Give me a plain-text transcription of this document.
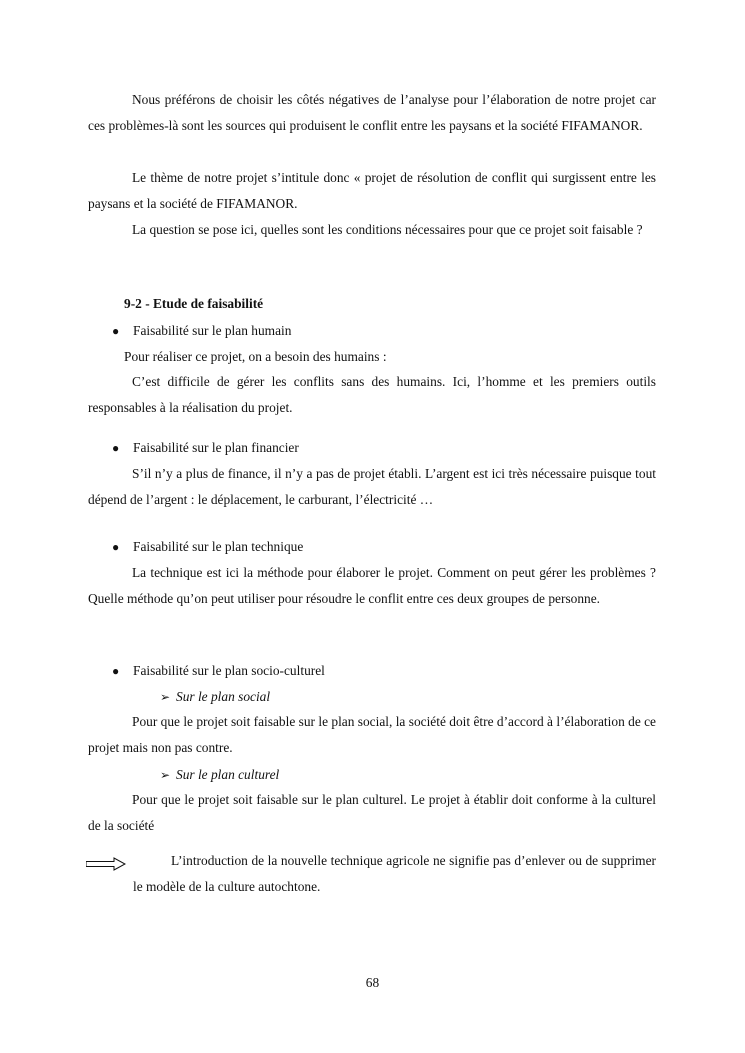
Nous préférons de choisir les côtés négatives de l’analyse pour l’élaboration de notre projet car ces problèmes-là sont les sources qui produisent le conflit entre les paysans et la société FIFAMANOR.

Le thème de notre projet s’intitule donc « projet de résolution de conflit qui surgissent entre les paysans et la société de FIFAMANOR.

La question se pose ici, quelles sont les conditions nécessaires pour que ce projet soit faisable ?

9-2 - Etude de faisabilité

● Faisabilité sur le plan humain

Pour réaliser ce projet, on a besoin des humains :

C’est difficile de gérer les conflits sans des humains. Ici, l’homme et les premiers outils responsables à la réalisation du projet.

● Faisabilité sur le plan financier

S’il n’y a plus de finance, il n’y a pas de projet établi. L’argent est ici très nécessaire puisque tout dépend de l’argent : le déplacement, le carburant, l’électricité …

● Faisabilité sur le plan technique

La technique est ici la méthode pour élaborer le projet. Comment on peut gérer les problèmes ? Quelle méthode qu’on peut utiliser pour résoudre le conflit entre ces deux groupes de personne.

● Faisabilité sur le plan socio-culturel
➢ Sur le plan social

Pour que le projet soit faisable sur le plan social, la société doit être d’accord à l’élaboration de ce projet mais non pas contre.

➢ Sur le plan culturel

Pour que le projet soit faisable sur le plan culturel. Le projet à établir doit conforme à la culturel de la société

L’introduction de la nouvelle technique agricole ne signifie pas d’enlever ou de supprimer le modèle de la culture autochtone.

68
